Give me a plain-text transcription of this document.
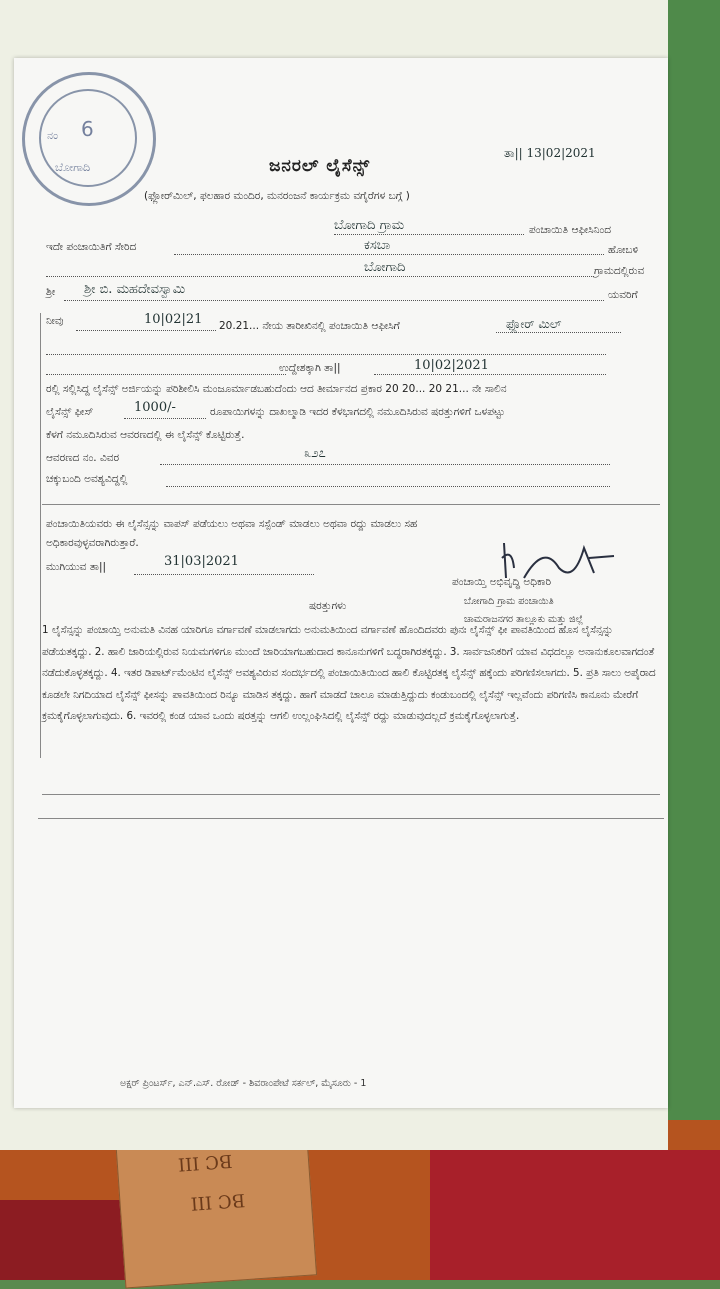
BC III
BC III
ನಂ 6
ಬೋಗಾದಿ
ತಾ|| 13|02|2021
ಜನರಲ್ ಲೈಸೆನ್ಸ್
(ಫ್ಲೋರ್‌ಮಿಲ್, ಫಲಹಾರ ಮಂದಿರ, ಮನರಂಜನೆ ಕಾರ್ಯಕ್ರಮ ವಗೈರೆಗಳ ಬಗ್ಗೆ )
ಬೋಗಾದಿ ಗ್ರಾಮ	ಪಂಚಾಯಿತಿ ಆಫೀಸಿನಿಂದ
ಇದೇ ಪಂಚಾಯಿತಿಗೆ ಸೇರಿದ	ಕಸಬಾ	ಹೋಬಳಿ
ಬೋಗಾದಿ	ಗ್ರಾಮದಲ್ಲಿರುವ
ಶ್ರೀ ಶ್ರೀ ಬಿ. ಮಹದೇವಸ್ವಾಮಿ	ಯವರಿಗೆ
ನೀವು	10|02|21 20.21... ನೇಯ ತಾರೀಖಿನಲ್ಲಿ ಪಂಚಾಯಿತಿ ಆಫೀಸಿಗೆ	ಫ್ಲೋರ್ ಮಿಲ್
ಉದ್ದೇಶಕ್ಕಾಗಿ ತಾ||	10|02|2021
ರಲ್ಲಿ ಸಲ್ಲಿಸಿದ್ದ ಲೈಸೆನ್ಸ್ ಅರ್ಜಿಯನ್ನು ಪರಿಶೀಲಿಸಿ ಮಂಜೂರ್ಮಾಡಬಹುದೆಂದು ಆದ ತೀರ್ಮಾನದ ಪ್ರಕಾರ 20 20... 20 21... ನೇ ಸಾಲಿನ
ಲೈಸೆನ್ಸ್ ಫೀಸ್	1000/-	ರೂಪಾಯಿಗಳನ್ನು ದಾಖಲ್ಮಾಡಿ ಇದರ ಕೆಳಭಾಗದಲ್ಲಿ ನಮೂದಿಸಿರುವ ಷರತ್ತುಗಳಿಗೆ ಒಳಪಟ್ಟು
ಕೆಳಗೆ ನಮೂದಿಸಿರುವ ಆವರಣದಲ್ಲಿ ಈ ಲೈಸೆನ್ಸ್ ಕೊಟ್ಟಿರುತ್ತೆ.
ಆವರಣದ ನಂ. ವಿವರ	೩೨೭
ಚಕ್ಕುಬಂದಿ ಅವಶ್ಯವಿದ್ದಲ್ಲಿ
ಪಂಚಾಯಿತಿಯವರು ಈ ಲೈಸೆನ್ಸನ್ನು ವಾಪಸ್ ಪಡೆಯಲು ಅಥವಾ ಸಸ್ಪೆಂಡ್ ಮಾಡಲು ಅಥವಾ ರದ್ದು ಮಾಡಲು ಸಹ
ಅಧಿಕಾರವುಳ್ಳವರಾಗಿರುತ್ತಾರೆ.
ಮುಗಿಯುವ ತಾ||	31|03|2021
ಪಂಚಾಯ್ತಿ ಅಭಿವೃದ್ಧಿ ಅಧಿಕಾರಿ
ಬೋಗಾದಿ ಗ್ರಾಮ ಪಂಚಾಯಿತಿ
ಚಾಮರಾಜನಗರ ತಾಲ್ಲೂಕು ಮತ್ತು ಜಿಲ್ಲೆ
ಷರತ್ತುಗಳು
1 ಲೈಸೆನ್ಸನ್ನು ಪಂಚಾಯ್ತಿ ಅನುಮತಿ ವಿನಹ ಯಾರಿಗೂ ವರ್ಗಾವಣೆ ಮಾಡಲಾಗದು ಅನುಮತಿಯಿಂದ ವರ್ಗಾವಣೆ ಹೊಂದಿದವರು ಪುನಃ ಲೈಸೆನ್ಸ್ ಫೀ ಪಾವತಿಯಿಂದ ಹೊಸ ಲೈಸೆನ್ಸನ್ನು ಪಡೆಯತಕ್ಕದ್ದು. 2. ಹಾಲಿ ಜಾರಿಯಲ್ಲಿರುವ ನಿಯಮಗಳಿಗೂ ಮುಂದೆ ಜಾರಿಯಾಗಬಹುದಾದ ಕಾನೂನುಗಳಿಗೆ ಬದ್ಧರಾಗಿರತಕ್ಕದ್ದು. 3. ಸಾರ್ವಜನಿಕರಿಗೆ ಯಾವ ವಿಧದಲ್ಲೂ ಅನಾನುಕೂಲವಾಗದಂತೆ ನಡೆದುಕೊಳ್ಳತಕ್ಕದ್ದು. 4. ಇತರ ಡಿಪಾರ್ಟ್‌ಮೆಂಟಿನ ಲೈಸೆನ್ಸ್ ಅವಶ್ಯವಿರುವ ಸಂದರ್ಭದಲ್ಲಿ ಪಂಚಾಯಿತಿಯಿಂದ ಹಾಲಿ ಕೊಟ್ಟಿರತಕ್ಕ ಲೈಸೆನ್ಸ್ ಹಕ್ಕೆಂದು ಪರಿಗಣಿಸಲಾಗದು. 5. ಪ್ರತಿ ಸಾಲು ಅಪೈರಾದ ಕೂಡಲೇ ನಿಗದಿಯಾದ ಲೈಸೆನ್ಸ್ ಫೀಸನ್ನು ಪಾವತಿಯಿಂದ ರಿನ್ಯೂ ಮಾಡಿಸ ತಕ್ಕದ್ದು. ಹಾಗೆ ಮಾಡದೆ ಚಾಲೂ ಮಾಡುತ್ತಿದ್ದುದು ಕಂಡುಬಂದಲ್ಲಿ ಲೈಸೆನ್ಸ್ ಇಲ್ಲವೆಂದು ಪರಿಗಣಿಸಿ ಕಾನೂನು ಮೇರೆಗೆ ಕ್ರಮಕೈಗೊಳ್ಳಲಾಗುವುದು. 6. ಇವರಲ್ಲಿ ಕಂಡ ಯಾವ ಒಂದು ಷರತ್ತನ್ನು ಆಗಲಿ ಉಲ್ಲಂಘಿಸಿದಲ್ಲಿ ಲೈಸೆನ್ಸ್ ರದ್ದು ಮಾಡುವುದಲ್ಲದೆ ಕ್ರಮಕೈಗೊಳ್ಳಲಾಗುತ್ತೆ.
ಅಕ್ಷರ್ ಪ್ರಿಂಟರ್ಸ್, ಎನ್.ಎಸ್. ರೋಡ್ - ಶಿವರಾಂಪೇಟೆ ಸರ್ಕಲ್, ಮೈಸೂರು - 1
